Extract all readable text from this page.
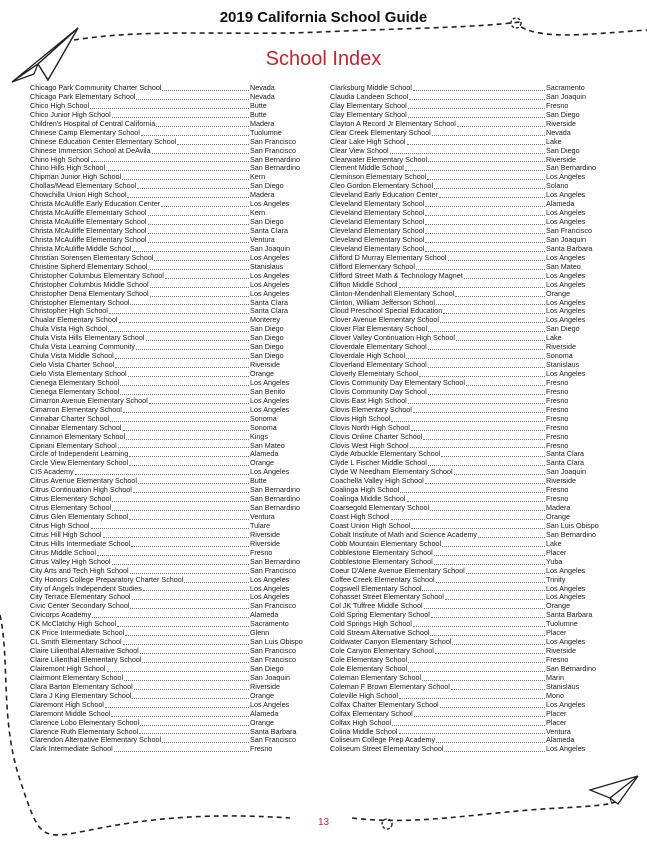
2019 California School Guide
School Index
Chicago Park Community Charter School	Nevada
Chicago Park Elementary School	Nevada
Chico High School	Butte
Chico Junior High School	Butte
Children's Hospital of Central California	Madera
Chinese Camp Elementary School	Tuolumne
Chinese Education Center Elementary School	San Francisco
Chinese Immersion School at DeAvila	San Francisco
Chino High School	San Bernardino
Chino Hills High School	San Bernardino
Chipman Junior High School	Kern
Chollas/Mead Elementary School	San Diego
Chowchilla Union High School	Madera
Christa McAuliffe Early Education Center	Los Angeles
Christa McAuliffe Elementary School	Kern
Christa McAuliffe Elementary School	San Diego
Christa McAuliffe Elementary School	Santa Clara
Christa McAuliffe Elementary School	Ventura
Christa McAuliffe Middle School	San Joaquin
Christian Sorensen Elementary School	Los Angeles
Christine Sipherd Elementary School	Stanislaus
Christopher Columbus Elementary School	Los Angeles
Christopher Columbus Middle School	Los Angeles
Christopher Dena Elementary School	Los Angeles
Christopher Elementary School	Santa Clara
Christopher High School	Santa Clara
Chualar Elementary School	Monterey
Chula Vista High School	San Diego
Chula Vista Hills Elementary School	San Diego
Chula Vista Learning Community	San Diego
Chula Vista Middle School	San Diego
Cielo Vista Charter School	Riverside
Cielo Vista Elementary School	Orange
Cienega Elementary School	Los Angeles
Cienega Elementary School	San Benito
Cimarron Avenue Elementary School	Los Angeles
Cimarron Elementary School	Los Angeles
Cinnabar Charter School	Sonoma
Cinnabar Elementary School	Sonoma
Cinnamon Elementary School	Kings
Cipriani Elementary School	San Mateo
Circle of Independent Learning	Alameda
Circle View Elementary School	Orange
CIS Academy	Los Angeles
Citrus Avenue Elementary School	Butte
Citrus Continuation High School	San Bernardino
Citrus Elementary School	San Bernardino
Citrus Elementary School	San Bernardino
Citrus Glen Elementary School	Ventura
Citrus High School	Tulare
Citrus Hill High School	Riverside
Citrus Hills Intermediate School	Riverside
Citrus Middle School	Fresno
Citrus Valley High School	San Bernardino
City Arts and Tech High School	San Francisco
City Honors College Preparatory Charter School	Los Angeles
City of Angels Independent Studies	Los Angeles
City Terrace Elementary School	Los Angeles
Civic Center Secondary School	San Francisco
Civicorps Academy	Alameda
CK McClatchy High School	Sacramento
CK Price Intermediate School	Glenn
CL Smith Elementary School	San Luis Obispo
Claire Lilienthal Alternative School	San Francisco
Claire Lilienthal Elementary School	San Francisco
Clairemont High School	San Diego
Clairmont Elementary School	San Joaquin
Clara Barton Elementary School	Riverside
Clara J King Elementary School	Orange
Claremont High School	Los Angeles
Claremont Middle School	Alameda
Clarence Lobo Elementary School	Orange
Clarence Ruth Elementary School	Santa Barbara
Clarendon Alternative Elementary School	San Francisco
Clark Intermediate School	Fresno
Clarksburg Middle School	Sacramento
Claudia Landeen School	San Joaquin
Clay Elementary School	Fresno
Clay Elementary School	San Diego
Clayton A Record Jr Elementary School	Riverside
Clear Creek Elementary School	Nevada
Clear Lake High School	Lake
Clear View School	San Diego
Clearwater Elementary School	Riverside
Clement Middle School	San Bernardino
Cleminson Elementary School	Los Angeles
Cleo Gordon Elementary School	Solano
Cleveland Early Education Center	Los Angeles
Cleveland Elementary School	Alameda
Cleveland Elementary School	Los Angeles
Cleveland Elementary School	Los Angeles
Cleveland Elementary School	San Francisco
Cleveland Elementary School	San Joaquin
Cleveland Elementary School	Santa Barbara
Clifford D Murray Elementary School	Los Angeles
Clifford Elementary School	San Mateo
Clifford Street Math & Technology Magnet	Los Angeles
Clifton Middle School	Los Angeles
Clinton-Mendenhall Elementary School	Orange
Clinton, William Jefferson School	Los Angeles
Cloud Preschool Special Education	Los Angeles
Clover Avenue Elementary School	Los Angeles
Clover Flat Elementary School	San Diego
Clover Valley Continuation High School	Lake
Cloverdale Elementary School	Riverside
Cloverdale High School	Sonoma
Cloverland Elementary School	Stanislaus
Cloverly Elementary School	Los Angeles
Clovis Community Day Elementary School	Fresno
Clovis Community Day School	Fresno
Clovis East High School	Fresno
Clovis Elementary School	Fresno
Clovis High School	Fresno
Clovis North High School	Fresno
Clovis Online Charter School	Fresno
Clovis West High School	Fresno
Clyde Arbuckle Elementary School	Santa Clara
Clyde L Fischer Middle School	Santa Clara
Clyde W Needham Elementary School	San Joaquin
Coachella Valley High School	Riverside
Coalinga High School	Fresno
Coalinga Middle School	Fresno
Coarsegold Elementary School	Madera
Coast High School	Orange
Coast Union High School	San Luis Obispo
Cobalt Institute of Math and Science Academy	San Bernardino
Cobb Mountain Elementary School	Lake
Cobblestone Elementary School	Placer
Cobblestone Elementary School	Yuba
Coeur D'Alene Avenue Elementary School	Los Angeles
Coffee Creek Elementary School	Trinity
Cogswell Elementary School	Los Angeles
Cohasset Street Elementary School	Los Angeles
Col JK Tuffree Middle School	Orange
Cold Spring Elementary School	Santa Barbara
Cold Springs High School	Tuolumne
Cold Stream Alternative School	Placer
Coldwater Canyon Elementary School	Los Angeles
Cole Canyon Elementary School	Riverside
Cole Elementary School	Fresno
Cole Elementary School	San Bernardino
Coleman Elementary School	Marin
Coleman F Brown Elementary School	Stanislaus
Coleville High School	Mono
Colfax Charter Elementary School	Los Angeles
Colfax Elementary School	Placer
Colfax High School	Placer
Colina Middle School	Ventura
Coliseum College Prep Academy	Alameda
Coliseum Street Elementary School	Los Angeles
13
